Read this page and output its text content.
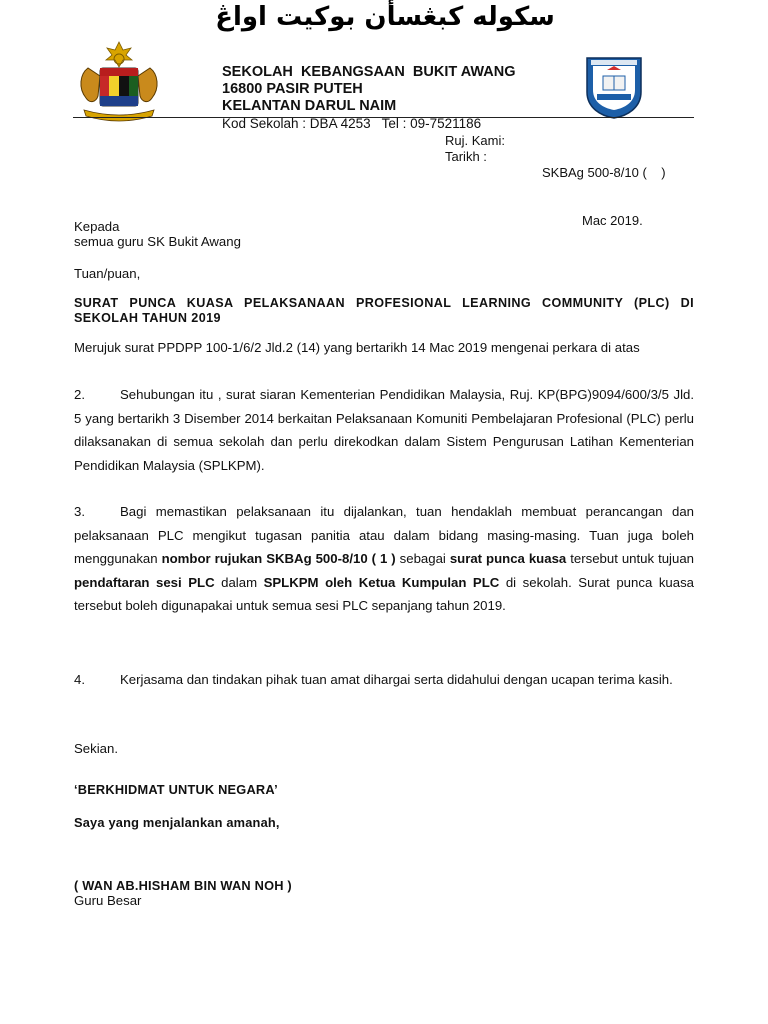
سکوله کبڠسأن بوکيت اواڠ
SEKOLAH  KEBANGSAAN  BUKIT AWANG
16800 PASIR PUTEH
KELANTAN DARUL NAIM
Kod Sekolah : DBA 4253   Tel : 09-7521186
Ruj. Kami:
Tarikh :

SKBAg 500-8/10 (    )

Mac 2019.

Kepada
semua guru SK Bukit Awang
Tuan/puan,
SURAT PUNCA KUASA PELAKSANAAN PROFESIONAL LEARNING COMMUNITY (PLC) DI SEKOLAH TAHUN 2019
Merujuk surat PPDPP 100-1/6/2 Jld.2 (14) yang bertarikh 14 Mac 2019 mengenai perkara di atas
2.	Sehubungan itu , surat siaran Kementerian Pendidikan Malaysia, Ruj. KP(BPG)9094/600/3/5 Jld. 5 yang bertarikh 3 Disember 2014 berkaitan Pelaksanaan Komuniti Pembelajaran Profesional (PLC) perlu dilaksanakan di semua sekolah dan perlu direkodkan dalam Sistem Pengurusan Latihan Kementerian Pendidikan Malaysia (SPLKPM).
3.	Bagi memastikan pelaksanaan itu dijalankan, tuan hendaklah membuat perancangan dan pelaksanaan PLC mengikut tugasan panitia atau dalam bidang masing-masing. Tuan juga boleh menggunakan nombor rujukan SKBAg 500-8/10 ( 1 ) sebagai surat punca kuasa tersebut untuk tujuan pendaftaran sesi PLC dalam SPLKPM oleh Ketua Kumpulan PLC di sekolah. Surat punca kuasa tersebut boleh digunapakai untuk semua sesi PLC sepanjang tahun 2019.
4.	Kerjasama dan tindakan pihak tuan amat dihargai serta didahului dengan ucapan terima kasih.
Sekian.
‘BERKHIDMAT UNTUK NEGARA’
Saya yang menjalankan amanah,
( WAN AB.HISHAM BIN WAN NOH )
Guru Besar
